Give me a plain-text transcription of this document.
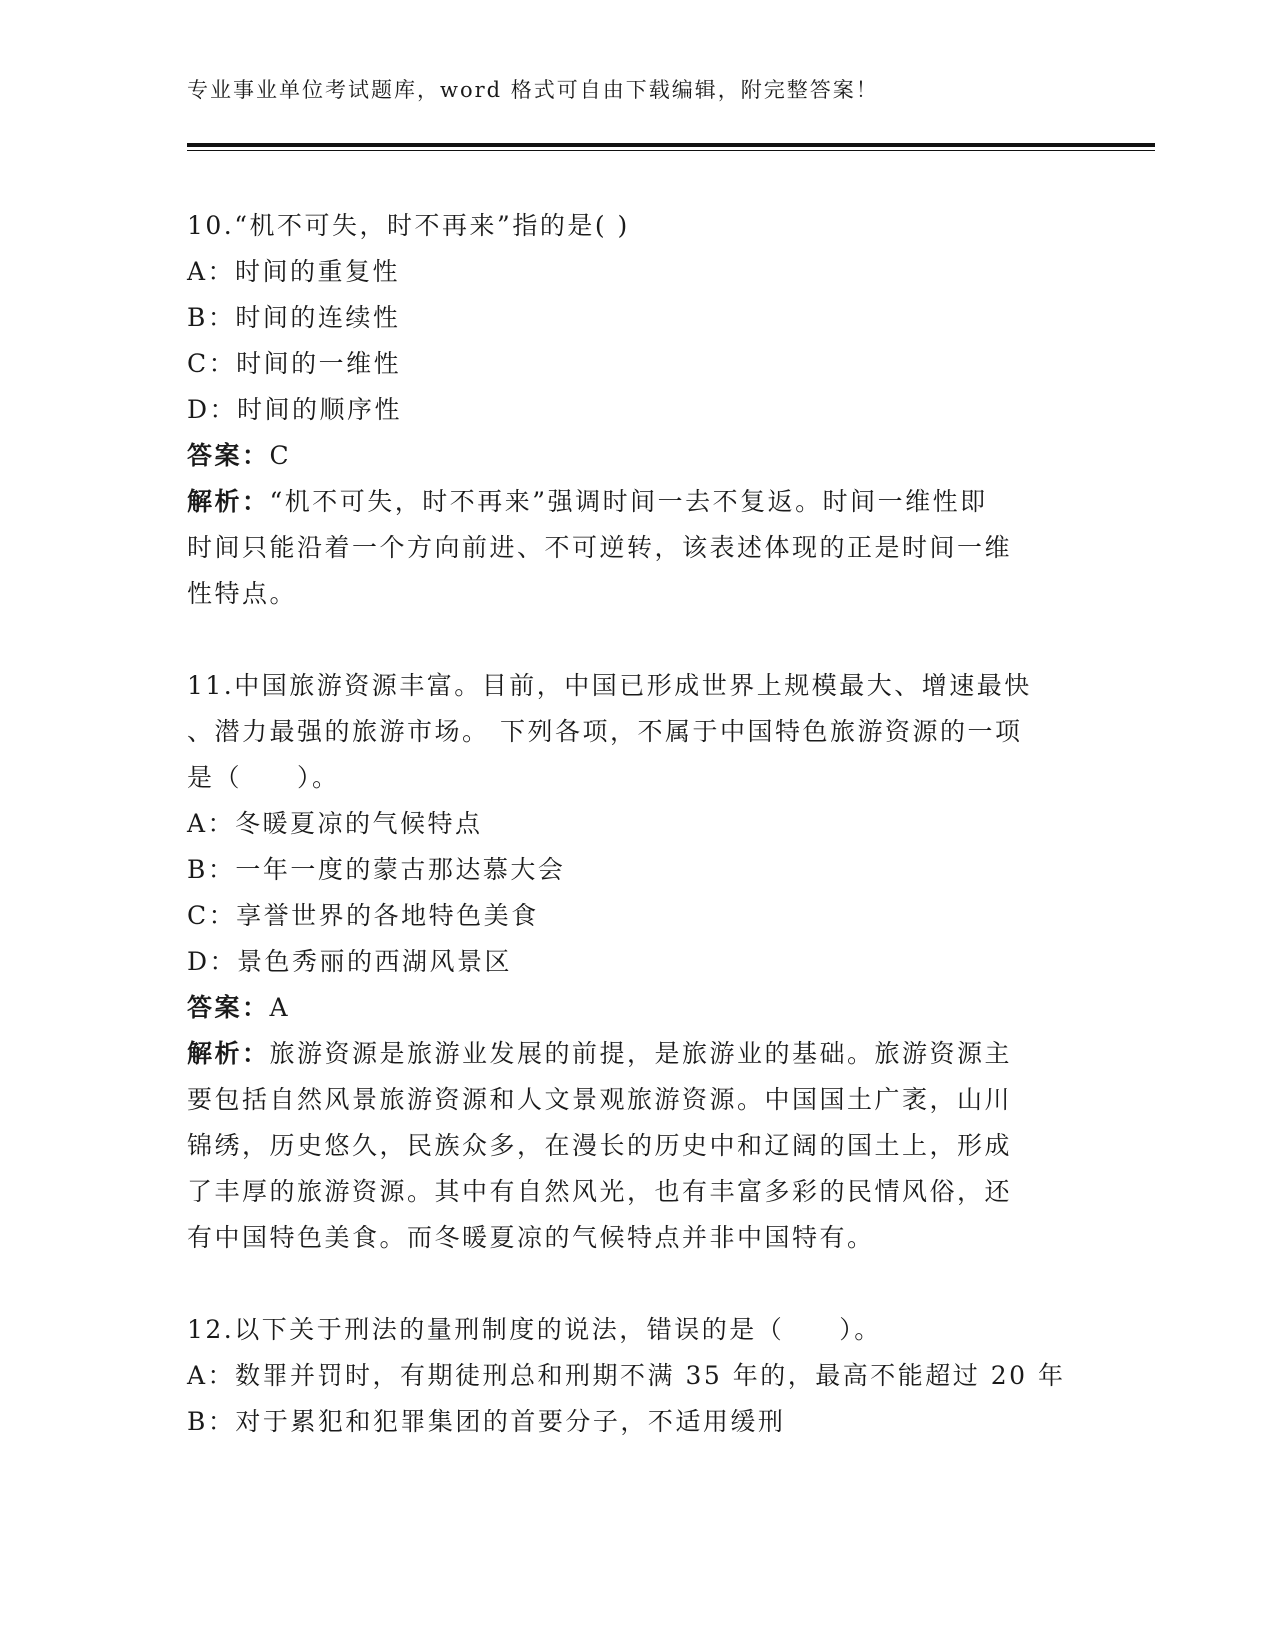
专业事业单位考试题库，word 格式可自由下载编辑，附完整答案！
10.“机不可失，时不再来”指的是( )
A：时间的重复性
B：时间的连续性
C：时间的一维性
D：时间的顺序性
答案：C
解析：“机不可失，时不再来”强调时间一去不复返。时间一维性即
时间只能沿着一个方向前进、不可逆转，该表述体现的正是时间一维
性特点。
11.中国旅游资源丰富。目前，中国已形成世界上规模最大、增速最快
、潜力最强的旅游市场。 下列各项，不属于中国特色旅游资源的一项
是（　　）。
A：冬暖夏凉的气候特点
B：一年一度的蒙古那达慕大会
C：享誉世界的各地特色美食
D：景色秀丽的西湖风景区
答案：A
解析：旅游资源是旅游业发展的前提，是旅游业的基础。旅游资源主
要包括自然风景旅游资源和人文景观旅游资源。中国国土广袤，山川
锦绣，历史悠久，民族众多，在漫长的历史中和辽阔的国土上，形成
了丰厚的旅游资源。其中有自然风光，也有丰富多彩的民情风俗，还
有中国特色美食。而冬暖夏凉的气候特点并非中国特有。
12.以下关于刑法的量刑制度的说法，错误的是（　　）。
A：数罪并罚时，有期徒刑总和刑期不满 35 年的，最高不能超过 20 年
B：对于累犯和犯罪集团的首要分子，不适用缓刑
